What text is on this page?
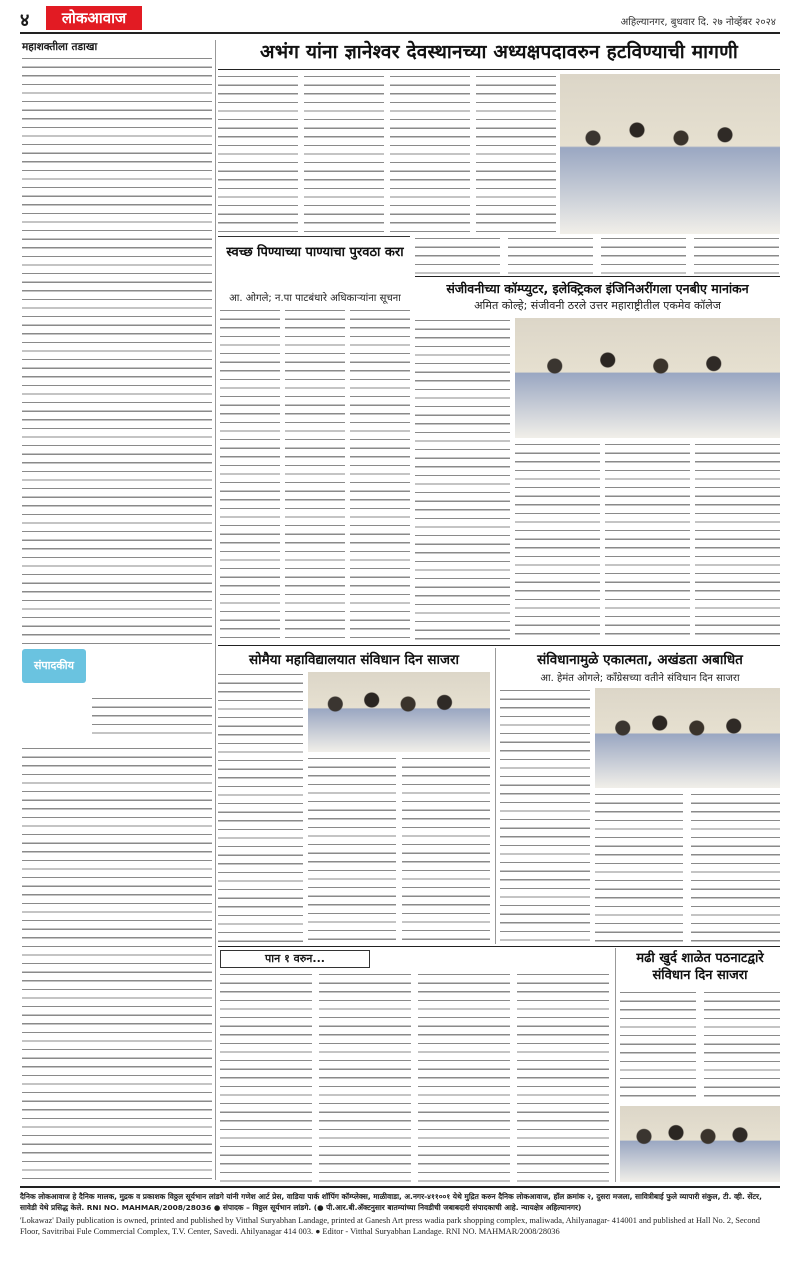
४	लोकआवाज	अहिल्यानगर, बुधवार दि. २७ नोव्हेंबर २०२४
महाशक्तीला तडाखा
संपादकीय
अभंग यांना ज्ञानेश्वर देवस्थानच्या अध्यक्षपदावरुन हटविण्याची मागणी
स्वच्छ पिण्याच्या पाण्याचा पुरवठा करा
आ. ओगले; न.पा पाटबंधारे अधिकाऱ्यांना सूचना
संजीवनीच्या कॉम्प्युटर, इलेक्ट्रिकल इंजिनिअरींगला एनबीए मानांकन
अमित कोल्हे; संजीवनी ठरले उत्तर महाराष्ट्रीतील एकमेव कॉलेज
सोमैया महाविद्यालयात संविधान दिन साजरा	संविधानामुळे एकात्मता, अखंडता अबाधित
आ. हेमंत ओगले; काँग्रेसच्या वतीने संविधान दिन साजरा
पान १ वरुन...	मढी खुर्द शाळेत पठनाटद्वारे संविधान दिन साजरा
दैनिक लोकआवाज हे दैनिक मालक, मुद्रक व प्रकाशक विठ्ठल सूर्यभान लांडगे यांनी गणेश आर्ट प्रेस, वाडिया पार्क शॉपिंग कॉम्प्लेक्स, माळीवाडा, अ.नगर-४११००१ येथे मुद्रित करुन दैनिक लोकआवाज, हॉल क्रमांक २, दुसरा मजला, सावित्रीबाई फुले व्यापारी संकुल, टी. व्ही. सेंटर, सावेडी येथे प्रसिद्ध केले. RNI NO. MAHMAR/2008/28036 ● संपादक – विठ्ठल सूर्यभान लांडगे. (● पी.आर.बी.अ‍ॅक्टनुसार बातम्यांच्या निवडीची जबाबदारी संपादकाची आहे. न्यायक्षेत्र अहिल्यानगर)
'Lokawaz' Daily publication is owned, printed and published by Vitthal Suryabhan Landage, printed at Ganesh Art press wadia park shopping complex, maliwada, Ahilyanagar- 414001 and published at Hall No. 2, Second Floor, Savitribai Fule Commercial Complex, T.V. Center, Savedi. Ahilyanagar 414 003. ● Editor - Vitthal Suryabhan Landage. RNI NO. MAHMAR/2008/28036
